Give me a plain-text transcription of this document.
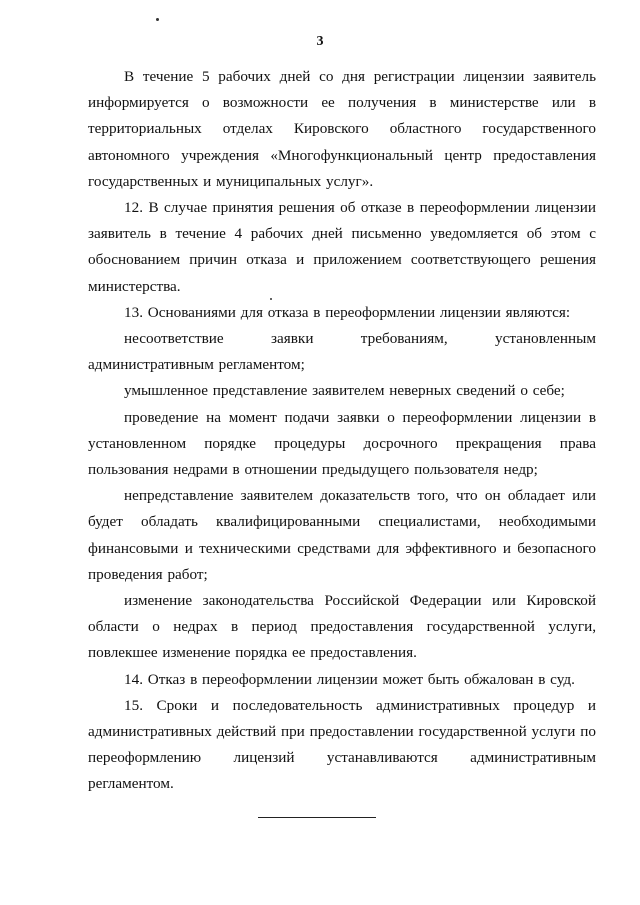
3

В течение 5 рабочих дней со дня регистрации лицензии заявитель информируется о возможности ее получения в министерстве или в территориальных отделах Кировского областного государственного автономного учреждения «Многофункциональный центр предоставления государственных и муниципальных услуг».

12. В случае принятия решения об отказе в переоформлении лицензии заявитель в течение 4 рабочих дней письменно уведомляется об этом с обоснованием причин отказа и приложением соответствующего решения министерства.

13. Основаниями для отказа в переоформлении лицензии являются:

несоответствие заявки требованиям, установленным административным регламентом;

умышленное представление заявителем неверных сведений о себе;

проведение на момент подачи заявки о переоформлении лицензии в установленном порядке процедуры досрочного прекращения права пользования недрами в отношении предыдущего пользователя недр;

непредставление заявителем доказательств того, что он обладает или будет обладать квалифицированными специалистами, необходимыми финансовыми и техническими средствами для эффективного и безопасного проведения работ;

изменение законодательства Российской Федерации или Кировской области о недрах в период предоставления государственной услуги, повлекшее изменение порядка ее предоставления.

14. Отказ в переоформлении лицензии может быть обжалован в суд.

15. Сроки и последовательность административных процедур и административных действий при предоставлении государственной услуги по переоформлению лицензий устанавливаются административным регламентом.
